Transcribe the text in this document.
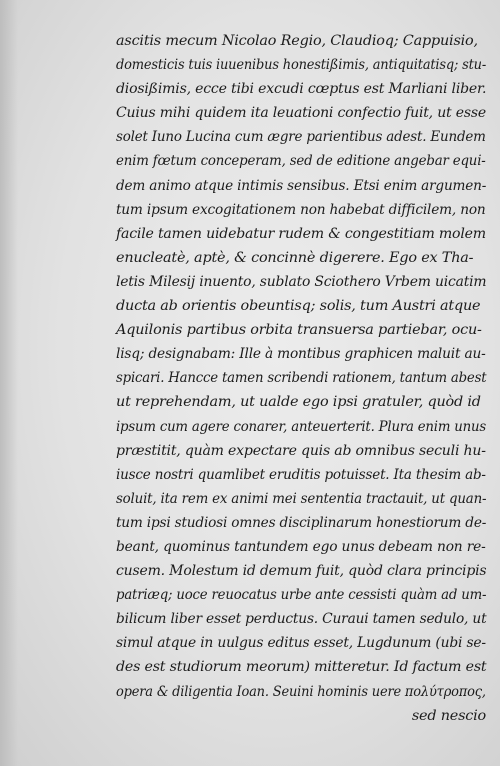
ascitis mecum Nicolao Regio, Claudioq; Cappuisio,
domesticis tuis iuuenibus honestißimis, antiquitatisq; stu-
diosißimis, ecce tibi excudi cœptus est Marliani liber.
Cuius mihi quidem ita leuationi confectio fuit, ut esse
solet Iuno Lucina cum ægre parientibus adest. Eundem
enim fœtum conceperam, sed de editione angebar equi-
dem animo atque intimis sensibus. Etsi enim argumen-
tum ipsum excogitationem non habebat difficilem, non
facile tamen uidebatur rudem & congestitiam molem
enucleatè, aptè, & concinnè digerere. Ego ex Tha-
letis Milesij inuento, sublato Sciothero Vrbem uicatim
ducta ab orientis obeuntisq; solis, tum Austri atque
Aquilonis partibus orbita transuersa partiebar, ocu-
lisq; designabam: Ille à montibus graphicen maluit au-
spicari. Hancce tamen scribendi rationem, tantum abest
ut reprehendam, ut ualde ego ipsi gratuler, quòd id
ipsum cum agere conarer, anteuerterit. Plura enim unus
præstitit, quàm expectare quis ab omnibus seculi hu-
iusce nostri quamlibet eruditis potuisset. Ita thesim ab-
soluit, ita rem ex animi mei sententia tractauit, ut quan-
tum ipsi studiosi omnes disciplinarum honestiorum de-
beant, quominus tantundem ego unus debeam non re-
cusem. Molestum id demum fuit, quòd clara principis
patriæq; uoce reuocatus urbe ante cessisti quàm ad um-
bilicum liber esset perductus. Curaui tamen sedulo, ut
simul atque in uulgus editus esset, Lugdunum (ubi se-
des est studiorum meorum) mitteretur. Id factum est
opera & diligentia Ioan. Seuini hominis uere πολύτροπος,
sed nescio
